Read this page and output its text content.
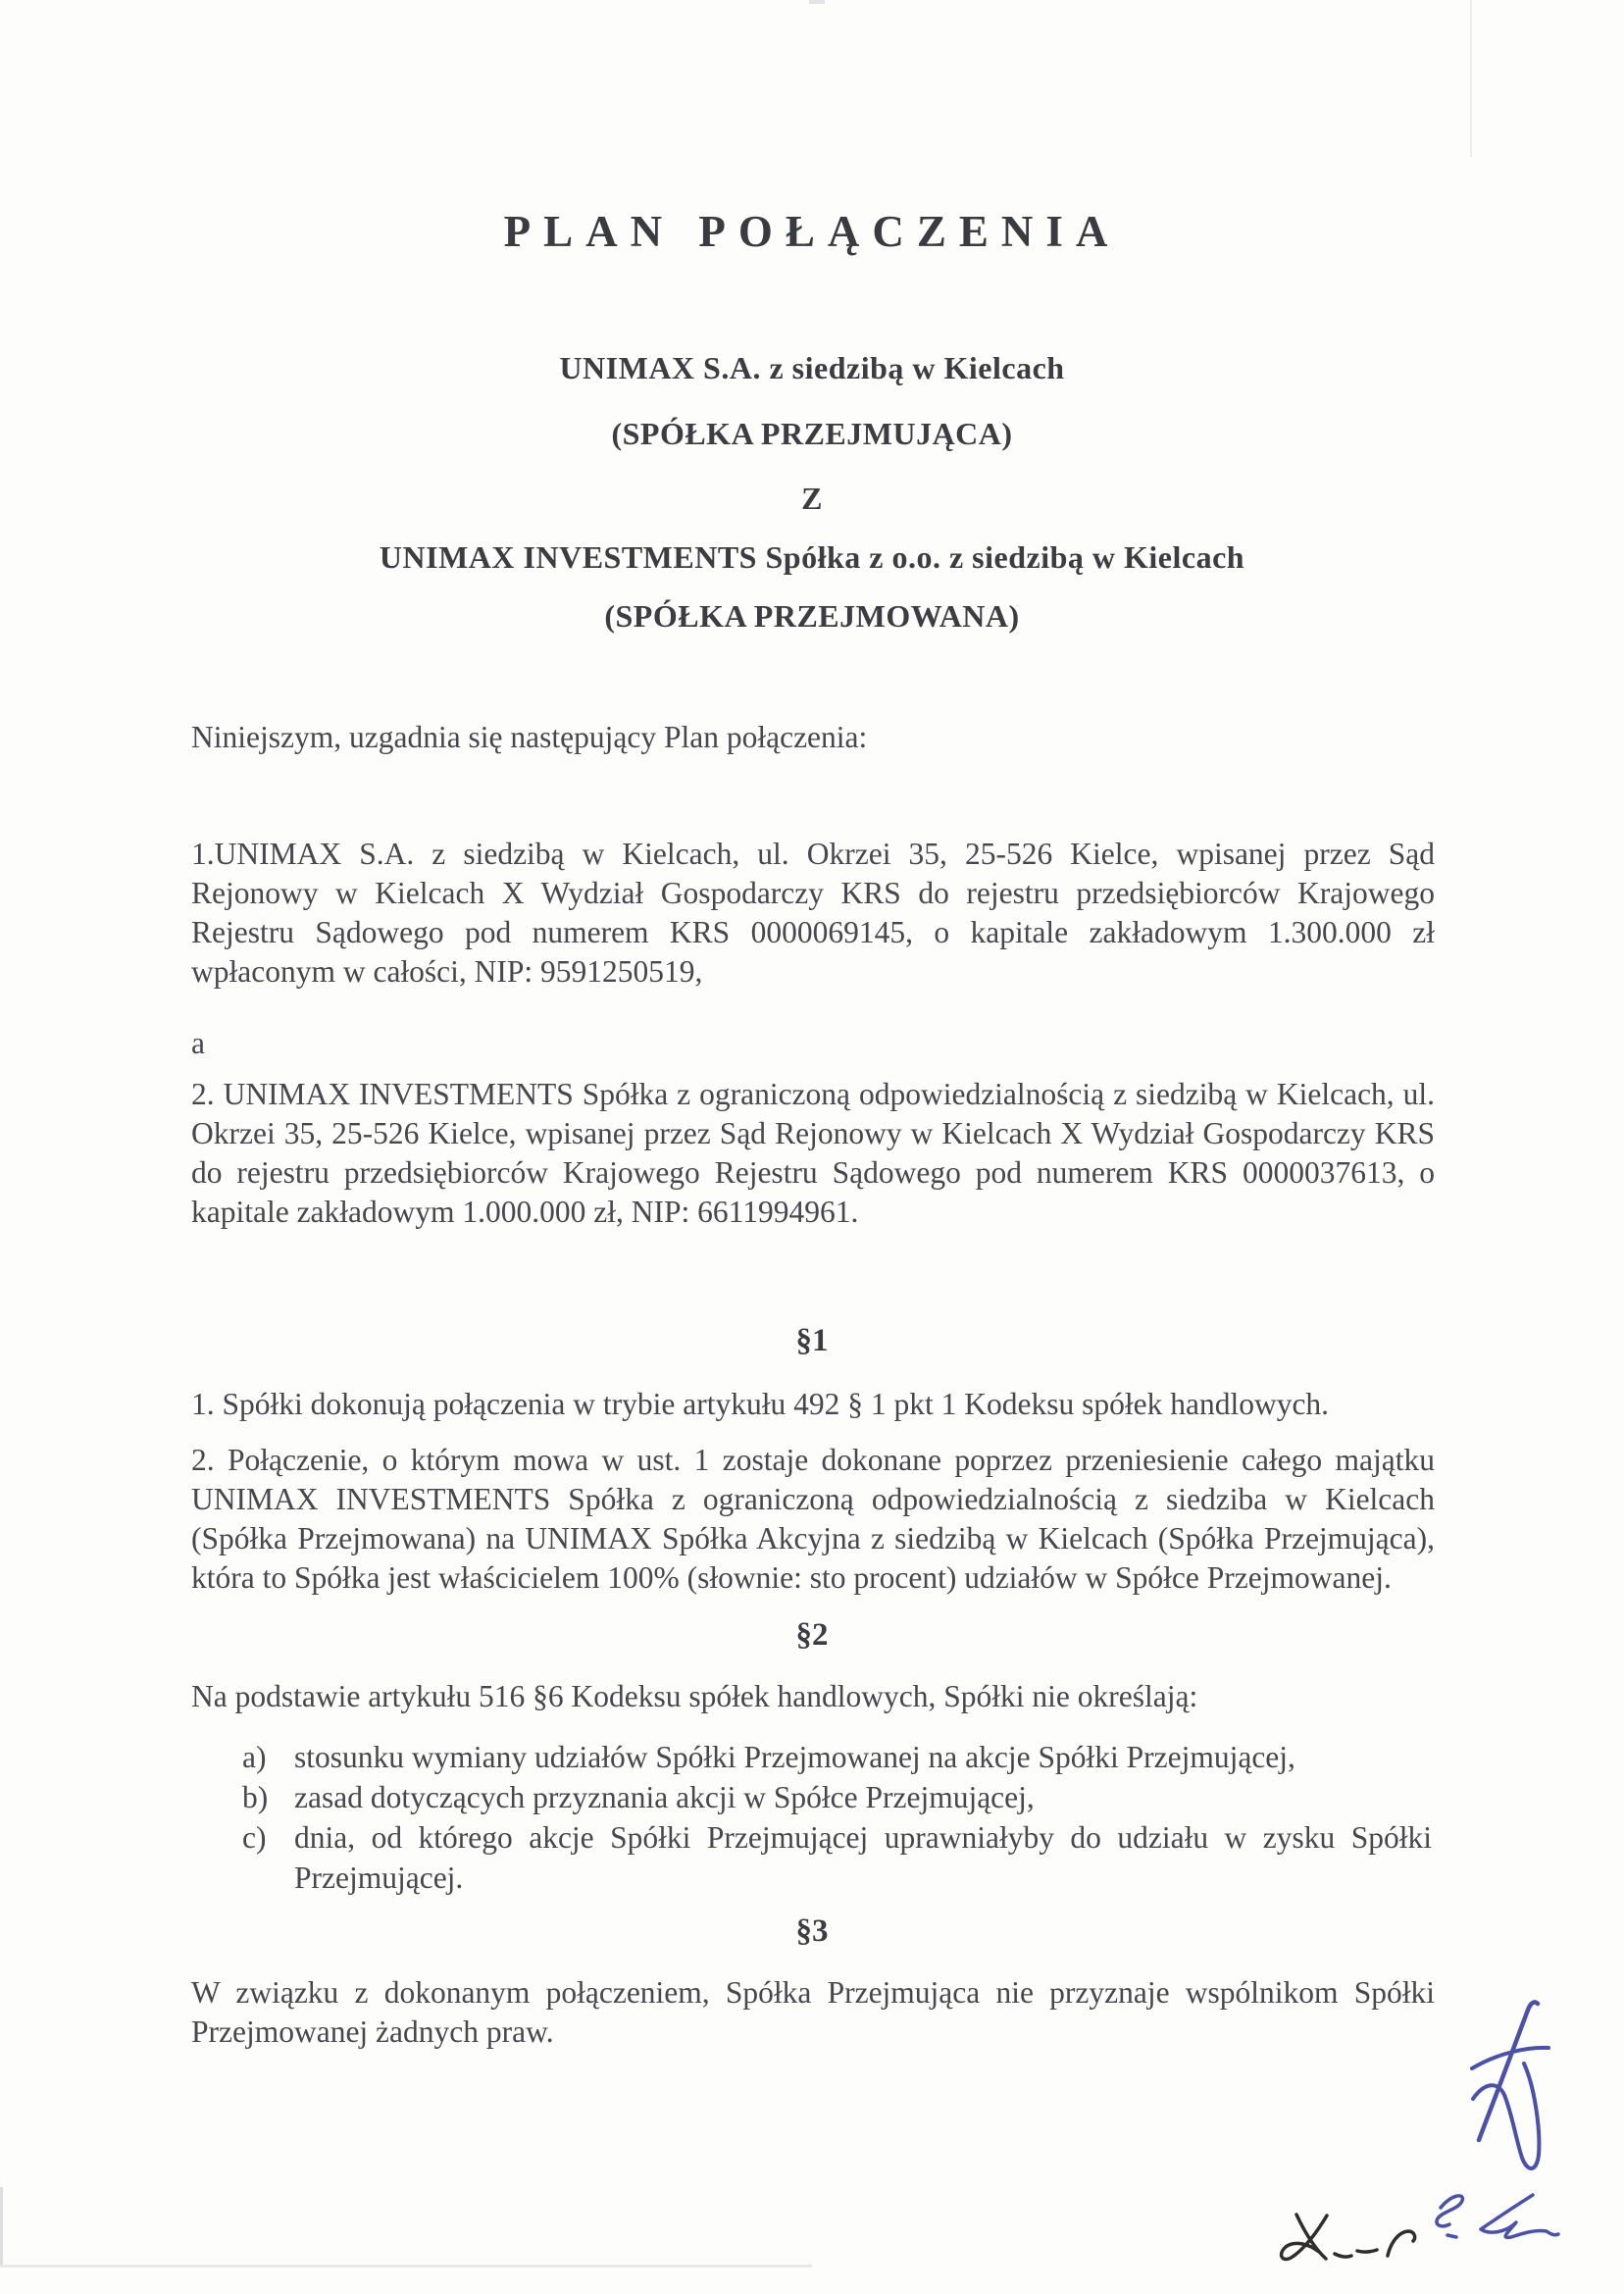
PLAN POŁĄCZENIA
UNIMAX S.A. z siedzibą w Kielcach
(SPÓŁKA PRZEJMUJĄCA)
Z
UNIMAX INVESTMENTS Spółka z o.o. z siedzibą w Kielcach
(SPÓŁKA PRZEJMOWANA)
Niniejszym, uzgadnia się następujący Plan połączenia:
1.UNIMAX S.A. z siedzibą w Kielcach, ul. Okrzei 35, 25-526 Kielce, wpisanej przez Sąd Rejonowy w Kielcach X Wydział Gospodarczy KRS do rejestru przedsiębiorców Krajowego Rejestru Sądowego pod numerem KRS 0000069145, o kapitale zakładowym 1.300.000 zł wpłaconym w całości, NIP: 9591250519,
a
2. UNIMAX INVESTMENTS Spółka z ograniczoną odpowiedzialnością z siedzibą w Kielcach, ul. Okrzei 35, 25-526 Kielce, wpisanej przez Sąd Rejonowy w Kielcach X Wydział Gospodarczy KRS do rejestru przedsiębiorców Krajowego Rejestru Sądowego pod numerem KRS 0000037613, o kapitale zakładowym 1.000.000 zł, NIP: 6611994961.
§1
1. Spółki dokonują połączenia w trybie artykułu 492 § 1 pkt 1 Kodeksu spółek handlowych.
2. Połączenie, o którym mowa w ust. 1 zostaje dokonane poprzez przeniesienie całego majątku UNIMAX INVESTMENTS Spółka z ograniczoną odpowiedzialnością z siedziba w Kielcach (Spółka Przejmowana) na UNIMAX Spółka Akcyjna z siedzibą w Kielcach (Spółka Przejmująca), która to Spółka jest właścicielem 100% (słownie: sto procent) udziałów w Spółce Przejmowanej.
§2
Na podstawie artykułu 516 §6 Kodeksu spółek handlowych, Spółki nie określają:
a) stosunku wymiany udziałów Spółki Przejmowanej na akcje Spółki Przejmującej,
b) zasad dotyczących przyznania akcji w Spółce Przejmującej,
c) dnia, od którego akcje Spółki Przejmującej uprawniałyby do udziału w zysku Spółki Przejmującej.
§3
W związku z dokonanym połączeniem, Spółka Przejmująca nie przyznaje wspólnikom Spółki Przejmowanej żadnych praw.
